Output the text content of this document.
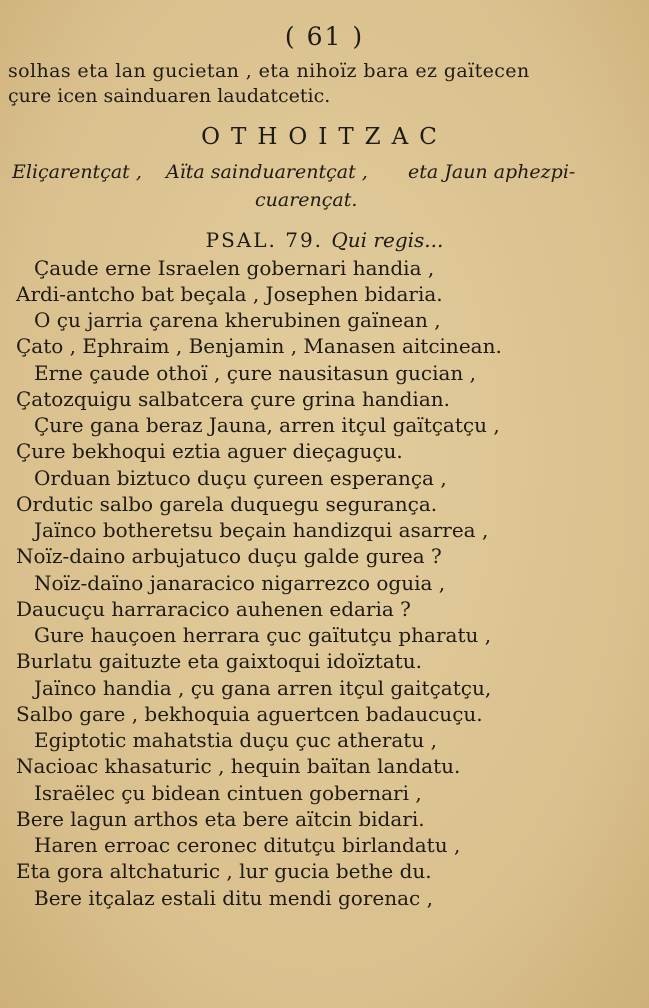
( 61 )
solhas eta lan gucietan , eta nihoïz bara ez gaïtecen
çure icen sainduaren laudatcetic.
OTHOITZAC
Eliçarentçat , Aïta sainduarentçat , eta Jaun aphezpi-
cuarençat.
PSAL. 79. Qui regis...
Çaude erne Israelen gobernari handia ,
Ardi-antcho bat beçala , Josephen bidaria.
O çu jarria çarena kherubinen gaïnean ,
Çato , Ephraim , Benjamin , Manasen aitcinean.
Erne çaude othoï , çure nausitasun gucian ,
Çatozquigu salbatcera çure grina handian.
Çure gana beraz Jauna, arren itçul gaïtçatçu ,
Çure bekhoqui eztia aguer dieçaguçu.
Orduan biztuco duçu çureen esperança ,
Ordutic salbo garela duquegu segurança.
Jaïnco botheretsu beçain handizqui asarrea ,
Noïz-daino arbujatuco duçu galde gurea ?
Noïz-daïno janaracico nigarrezco oguia ,
Daucuçu harraracico auhenen edaria ?
Gure hauçoen herrara çuc gaïtutçu pharatu ,
Burlatu gaituzte eta gaixtoqui idoïztatu.
Jaïnco handia , çu gana arren itçul gaitçatçu,
Salbo gare , bekhoquia aguertcen badaucuçu.
Egiptotic mahatstia duçu çuc atheratu ,
Nacioac khasaturic , hequin baïtan landatu.
Israëlec çu bidean cintuen gobernari ,
Bere lagun arthos eta bere aïtcin bidari.
Haren erroac ceronec ditutçu birlandatu ,
Eta gora altchaturic , lur gucia bethe du.
Bere itçalaz estali ditu mendi gorenac ,
